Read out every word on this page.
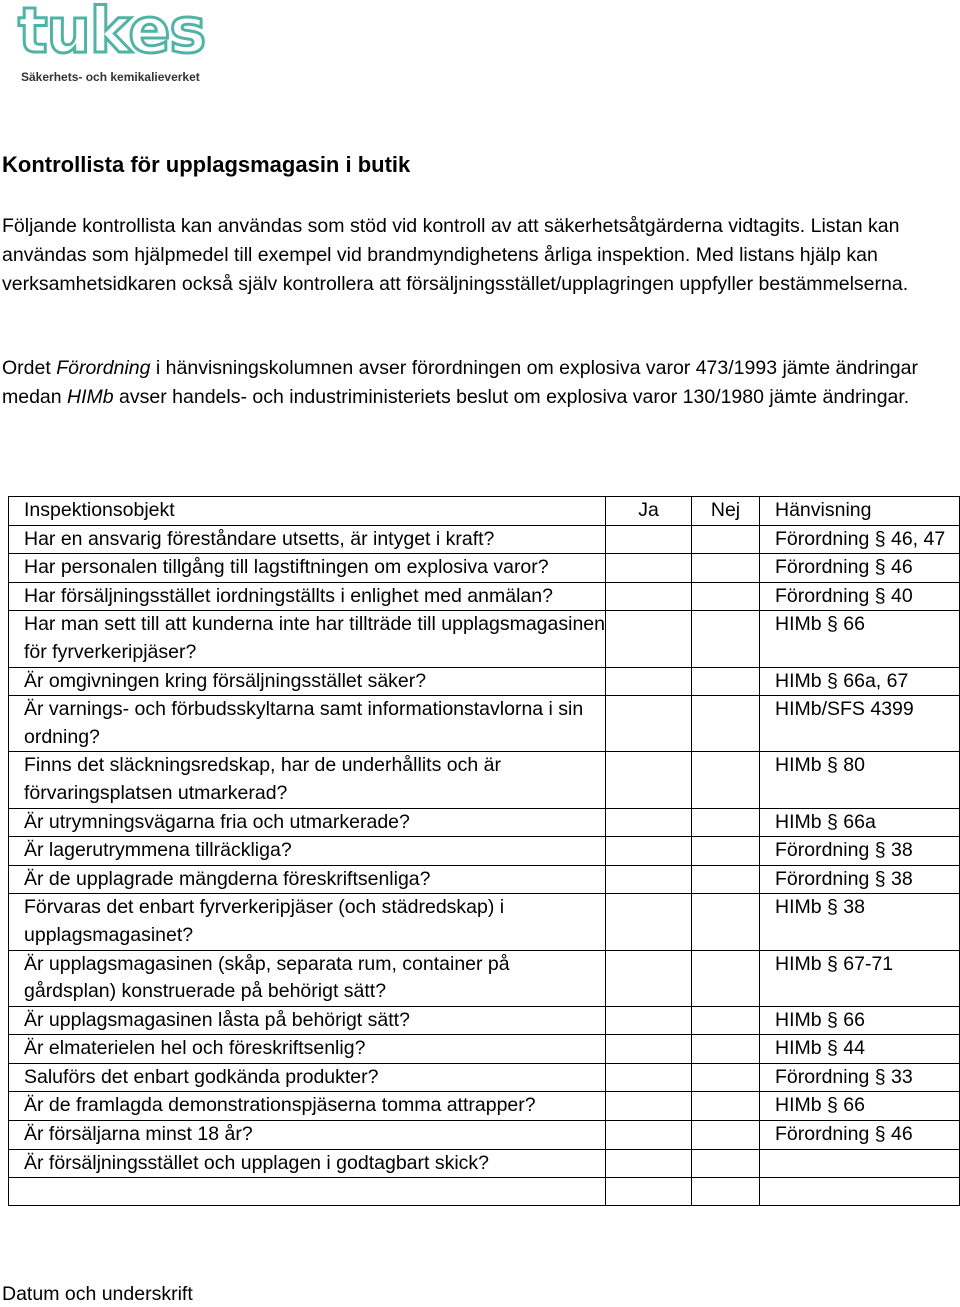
tukes
Säkerhets- och kemikalieverket
Kontrollista för upplagsmagasin i butik

Följande kontrollista kan användas som stöd vid kontroll av att säkerhetsåtgärderna vidtagits. Listan kan användas som hjälpmedel till exempel vid brandmyndighetens årliga inspektion. Med listans hjälp kan verksamhetsidkaren också själv kontrollera att försäljningsstället/upplagringen uppfyller bestämmelserna.

Ordet Förordning i hänvisningskolumnen avser förordningen om explosiva varor 473/1993 jämte ändringar medan HIMb avser handels- och industriministeriets beslut om explosiva varor 130/1980 jämte ändringar.

Inspektionsobjekt	Ja	Nej	Hänvisning
Har en ansvarig föreståndare utsetts, är intyget i kraft?			Förordning § 46, 47
Har personalen tillgång till lagstiftningen om explosiva varor?			Förordning § 46
Har försäljningsstället iordningställts i enlighet med anmälan?			Förordning § 40
Har man sett till att kunderna inte har tillträde till upplagsmagasinen för fyrverkeripjäser?			HIMb § 66
Är omgivningen kring försäljningsstället säker?			HIMb § 66a, 67
Är varnings- och förbudsskyltarna samt informationstavlorna i sin ordning?			HIMb/SFS 4399
Finns det släckningsredskap, har de underhållits och är förvaringsplatsen utmarkerad?			HIMb § 80
Är utrymningsvägarna fria och utmarkerade?			HIMb § 66a
Är lagerutrymmena tillräckliga?			Förordning § 38
Är de upplagrade mängderna föreskriftsenliga?			Förordning § 38
Förvaras det enbart fyrverkeripjäser (och städredskap) i upplagsmagasinet?			HIMb § 38
Är upplagsmagasinen (skåp, separata rum, container på gårdsplan) konstruerade på behörigt sätt?			HIMb § 67-71
Är upplagsmagasinen låsta på behörigt sätt?			HIMb § 66
Är elmaterielen hel och föreskriftsenlig?			HIMb § 44
Saluförs det enbart godkända produkter?			Förordning § 33
Är de framlagda demonstrationspjäserna tomma attrapper?			HIMb § 66
Är försäljarna minst 18 år?			Förordning § 46
Är försäljningsstället och upplagen i godtagbart skick?			

Datum och underskrift
